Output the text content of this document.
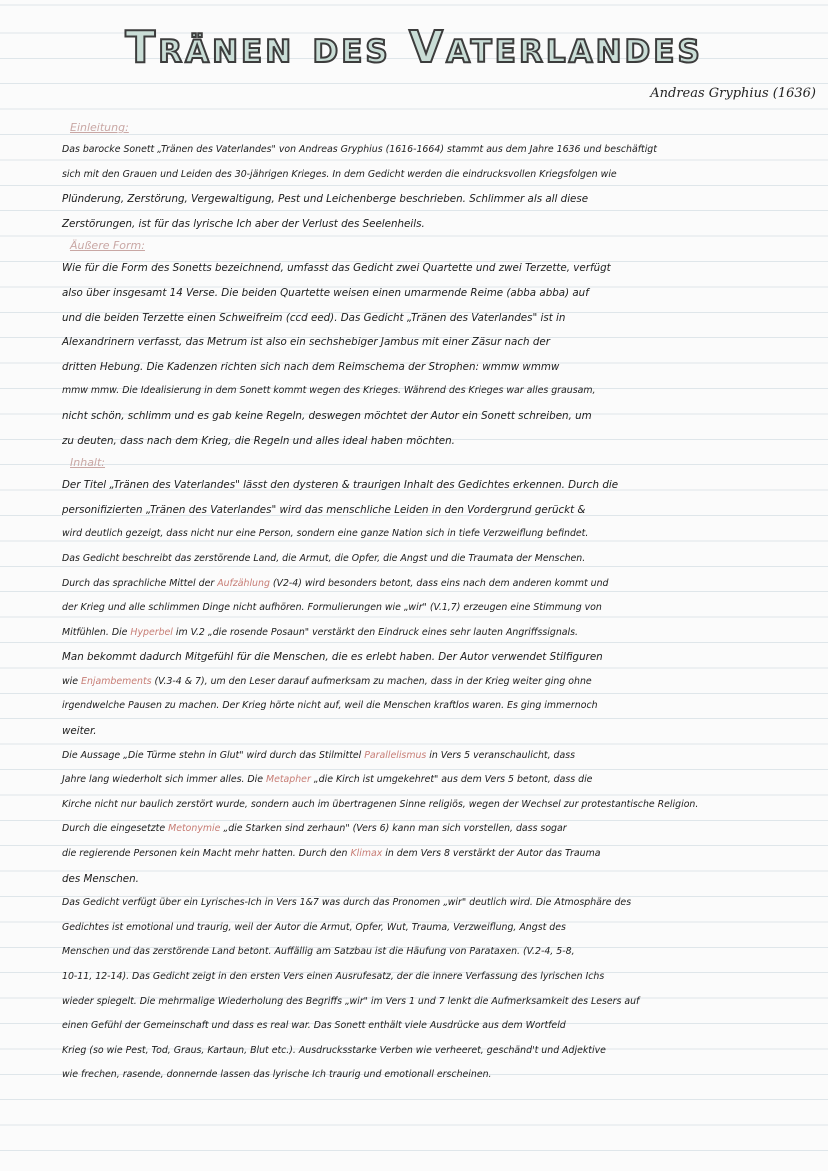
Tränen des Vaterlandes
Andreas Gryphius (1636)
Einleitung:
Das barocke Sonett „Tränen des Vaterlandes" von Andreas Gryphius (1616-1664) stammt aus dem Jahre 1636 und beschäftigt
sich mit den Grauen und Leiden des 30-jährigen Krieges. In dem Gedicht werden die eindrucksvollen Kriegsfolgen wie
Plünderung, Zerstörung, Vergewaltigung, Pest und Leichenberge beschrieben. Schlimmer als all diese
Zerstörungen, ist für das lyrische Ich aber der Verlust des Seelenheils.
Äußere Form:
Wie für die Form des Sonetts bezeichnend, umfasst das Gedicht zwei Quartette und zwei Terzette, verfügt
also über insgesamt 14 Verse. Die beiden Quartette weisen einen umarmende Reime (abba abba) auf
und die beiden Terzette einen Schweifreim (ccd eed). Das Gedicht „Tränen des Vaterlandes" ist in
Alexandrinern verfasst, das Metrum ist also ein sechshebiger Jambus mit einer Zäsur nach der
dritten Hebung. Die Kadenzen richten sich nach dem Reimschema der Strophen: wmmw wmmw
mmw mmw. Die Idealisierung in dem Sonett kommt wegen des Krieges. Während des Krieges war alles grausam,
nicht schön, schlimm und es gab keine Regeln, deswegen möchtet der Autor ein Sonett schreiben, um
zu deuten, dass nach dem Krieg, die Regeln und alles ideal haben möchten.
Inhalt:
Der Titel „Tränen des Vaterlandes" lässt den dysteren & traurigen Inhalt des Gedichtes erkennen. Durch die
personifizierten „Tränen des Vaterlandes" wird das menschliche Leiden in den Vordergrund gerückt &
wird deutlich gezeigt, dass nicht nur eine Person, sondern eine ganze Nation sich in tiefe Verzweiflung befindet.
Das Gedicht beschreibt das zerstörende Land, die Armut, die Opfer, die Angst und die Traumata der Menschen.
Durch das sprachliche Mittel der Aufzählung (V2-4) wird besonders betont, dass eins nach dem anderen kommt und
der Krieg und alle schlimmen Dinge nicht aufhören. Formulierungen wie „wir" (V.1,7) erzeugen eine Stimmung von
Mitfühlen. Die Hyperbel im V.2 „die rosende Posaun" verstärkt den Eindruck eines sehr lauten Angriffssignals.
Man bekommt dadurch Mitgefühl für die Menschen, die es erlebt haben. Der Autor verwendet Stilfiguren
wie Enjambements (V.3-4 & 7), um den Leser darauf aufmerksam zu machen, dass in der Krieg weiter ging ohne
irgendwelche Pausen zu machen. Der Krieg hörte nicht auf, weil die Menschen kraftlos waren. Es ging immernoch
weiter.
Die Aussage „Die Türme stehn in Glut" wird durch das Stilmittel Parallelismus in Vers 5 veranschaulicht, dass
Jahre lang wiederholt sich immer alles. Die Metapher „die Kirch ist umgekehret" aus dem Vers 5 betont, dass die
Kirche nicht nur baulich zerstört wurde, sondern auch im übertragenen Sinne religiös, wegen der Wechsel zur protestantische Religion.
Durch die eingesetzte Metonymie „die Starken sind zerhaun" (Vers 6) kann man sich vorstellen, dass sogar
die regierende Personen kein Macht mehr hatten. Durch den Klimax in dem Vers 8 verstärkt der Autor das Trauma
des Menschen.
Das Gedicht verfügt über ein Lyrisches-Ich in Vers 1&7 was durch das Pronomen „wir" deutlich wird. Die Atmosphäre des
Gedichtes ist emotional und traurig, weil der Autor die Armut, Opfer, Wut, Trauma, Verzweiflung, Angst des
Menschen und das zerstörende Land betont. Auffällig am Satzbau ist die Häufung von Parataxen. (V.2-4, 5-8,
10-11, 12-14). Das Gedicht zeigt in den ersten Vers einen Ausrufesatz, der die innere Verfassung des lyrischen Ichs
wieder spiegelt. Die mehrmalige Wiederholung des Begriffs „wir" im Vers 1 und 7 lenkt die Aufmerksamkeit des Lesers auf
einen Gefühl der Gemeinschaft und dass es real war. Das Sonett enthält viele Ausdrücke aus dem Wortfeld
Krieg (so wie Pest, Tod, Graus, Kartaun, Blut etc.). Ausdrucksstarke Verben wie verheeret, geschänd't und Adjektive
wie frechen, rasende, donnernde lassen das lyrische Ich traurig und emotionall erscheinen.
